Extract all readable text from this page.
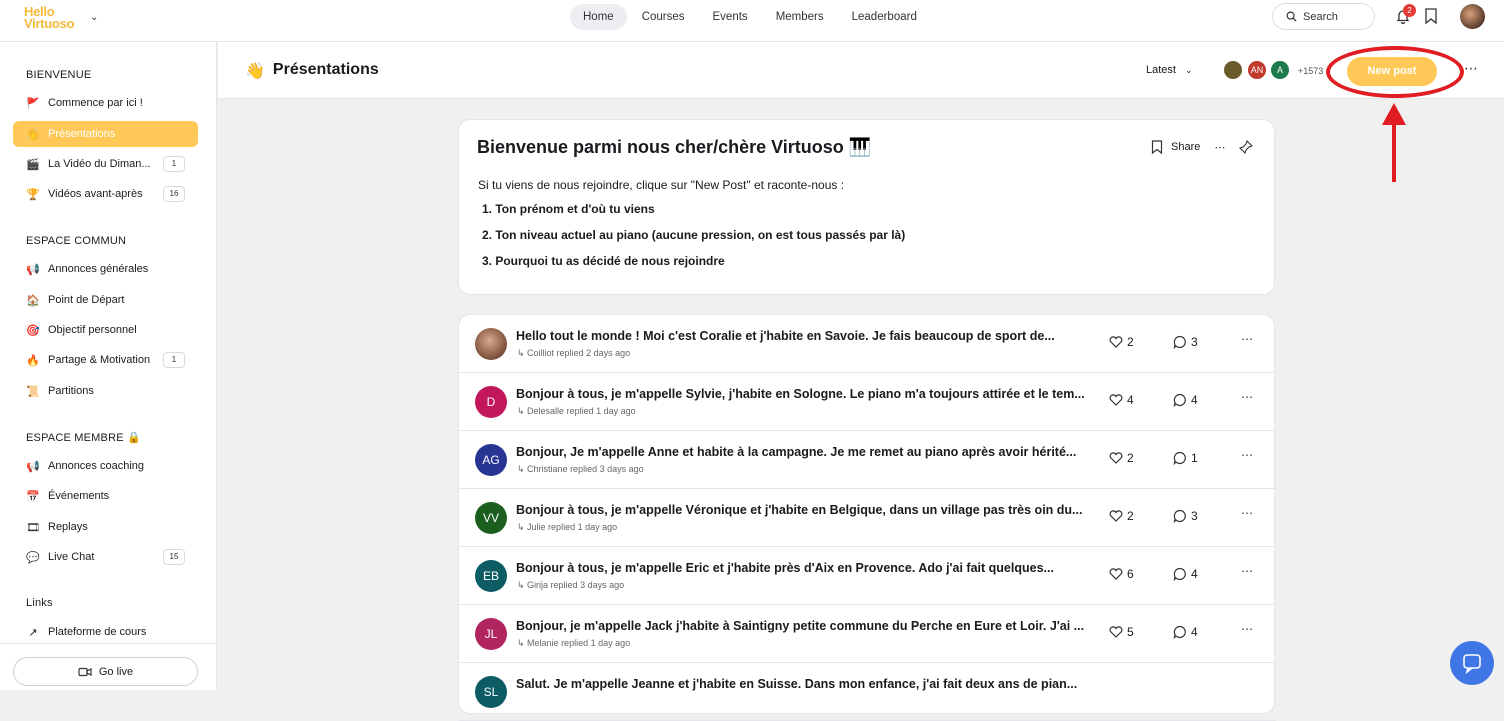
Hello
Virtuoso	⌄	Home	Courses	Events	Members	Leaderboard	Search	2
BIENVENUE
🚩 Commence par ici !
👋 Présentations
🎬 La Vidéo du Diman...	1
🏆 Vidéos avant-après	16
ESPACE COMMUN
📢 Annonces générales
🏠 Point de Départ
🎯 Objectif personnel
🔥 Partage & Motivation	1
📜 Partitions
ESPACE MEMBRE 🔒
📢 Annonces coaching
📅 Événements
🎞 Replays
💬 Live Chat	15
Links
↗ Plateforme de cours
Go live
👋 Présentations	Latest ⌄	AN	A	+1573	New post	⋯
Bienvenue parmi nous cher/chère Virtuoso 🎹	Share ⋯
Si tu viens de nous rejoindre, clique sur "New Post" et raconte-nous :
1. Ton prénom et d'où tu viens
2. Ton niveau actuel au piano (aucune pression, on est tous passés par là)
3. Pourquoi tu as décidé de nous rejoindre
Hello tout le monde ! Moi c'est Coralie et j'habite en Savoie. Je fais beaucoup de sport de...
↳ Coilliot replied 2 days ago
2	3	⋯
D
Bonjour à tous, je m'appelle Sylvie, j'habite en Sologne. Le piano m'a toujours attirée et le tem...
↳ Delesalle replied 1 day ago
4	4	⋯
AG
Bonjour, Je m'appelle Anne et habite à la campagne. Je me remet au piano après avoir hérité...
↳ Christiane replied 3 days ago
2	1	⋯
VV
Bonjour à tous, je m'appelle Véronique et j'habite en Belgique, dans un village pas très oin du...
↳ Julie replied 1 day ago
2	3	⋯
EB
Bonjour à tous, je m'appelle Eric et j'habite près d'Aix en Provence. Ado j'ai fait quelques...
↳ Girija replied 3 days ago
6	4	⋯
JL
Bonjour, je m'appelle Jack j'habite à Saintigny petite commune du Perche en Eure et Loir. J'ai ...
↳ Melanie replied 1 day ago
5	4	⋯
SL
Salut. Je m'appelle Jeanne et j'habite en Suisse. Dans mon enfance, j'ai fait deux ans de pian...
